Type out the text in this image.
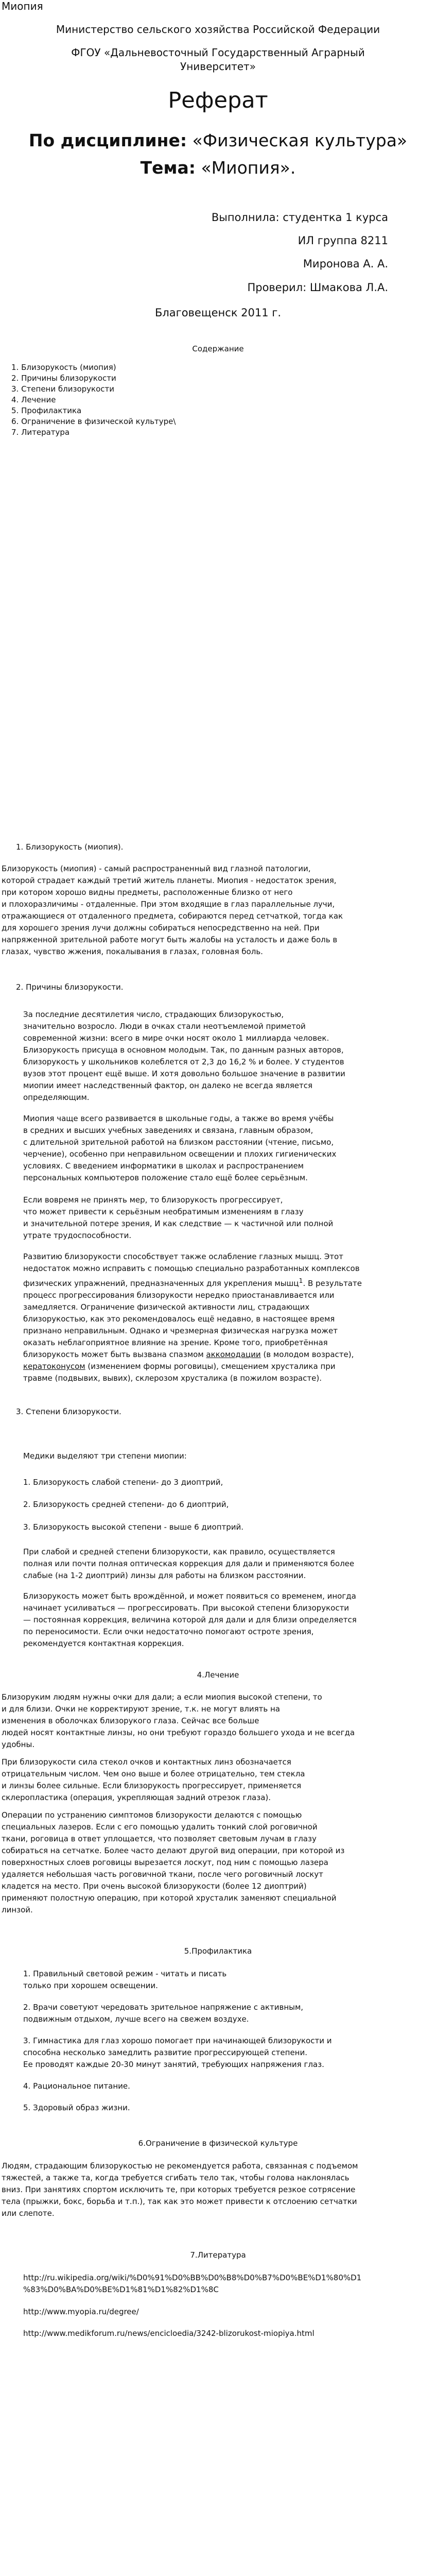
Миопия
Министерство сельского хозяйства Российской Федерации
ФГОУ «Дальневосточный Государственный Аграрный
Университет»
Реферат
По дисциплине: «Физическая культура»
Тема: «Миопия».
Выполнила: студентка 1 курса
ИЛ группа 8211
Миронова А. А.
Проверил: Шмакова Л.А.
Благовещенск 2011 г.
Содержание
1. Близорукость (миопия)
2. Причины близорукости
3. Степени близорукости
4. Лечение
5. Профилактика
6. Ограничение в физической культуре\
7. Литература
1. Близорукость (миопия).
Близорукость (миопия) - самый распространенный вид глазной патологии,
которой страдает каждый третий житель планеты. Миопия - недостаток зрения,
при котором хорошо видны предметы, расположенные близко от него
и плохоразличимы - отдаленные. При этом входящие в глаз параллельные лучи,
отражающиеся от отдаленного предмета, собираются перед сетчаткой, тогда как
для хорошего зрения лучи должны собираться непосредственно на ней. При
напряженной зрительной работе могут быть жалобы на усталость и даже боль в
глазах, чувство жжения, покалывания в глазах, головная боль.
2. Причины близорукости.
За последние десятилетия число, страдающих близорукостью,
значительно возросло. Люди в очках стали неотъемлемой приметой
современной жизни: всего в мире очки носят около 1 миллиарда человек.
Близорукость присуща в основном молодым. Так, по данным разных авторов,
близорукость у школьников колеблется от 2,3 до 16,2 % и более. У студентов
вузов этот процент ещё выше. И хотя довольно большое значение в развитии
миопии имеет наследственный фактор, он далеко не всегда является
определяющим.
Миопия чаще всего развивается в школьные годы, а также во время учёбы
в средних и высших учебных заведениях и связана, главным образом,
с длительной зрительной работой на близком расстоянии (чтение, письмо,
черчение), особенно при неправильном освещении и плохих гигиенических
условиях. С введением информатики в школах и распространением
персональных компьютеров положение стало ещё более серьёзным.
Если вовремя не принять мер, то близорукость прогрессирует,
что может привести к серьёзным необратимым изменениям в глазу
и значительной потере зрения, И как следствие — к частичной или полной
утрате трудоспособности.
Развитию близорукости способствует также ослабление глазных мышц. Этот
недостаток можно исправить с помощью специально разработанных комплексов
физических упражнений, предназначенных для укрепления мышц$^1$. В результате
процесс прогрессирования близорукости нередко приостанавливается или
замедляется. Ограничение физической активности лиц, страдающих
близорукостью, как это рекомендовалось ещё недавно, в настоящее время
признано неправильным. Однако и чрезмерная физическая нагрузка может
оказать неблагоприятное влияние на зрение. Кроме того, приобретённая
близорукость может быть вызвана спазмом аккомодации (в молодом возрасте),
кератоконусом (изменением формы роговицы), смещением хрусталика при
травме (подвывих, вывих), склерозом хрусталика (в пожилом возрасте).
3. Степени близорукости.
Медики выделяют три степени миопии:
1. Близорукость слабой степени- до 3 диоптрий,
2. Близорукость средней степени- до 6 диоптрий,
3. Близорукость высокой степени - выше 6 диоптрий.
При слабой и средней степени близорукости, как правило, осуществляется
полная или почти полная оптическая коррекция для дали и применяются более
слабые (на 1-2 диоптрий) линзы для работы на близком расстоянии.
Близорукость может быть врождённой, и может появиться со временем, иногда
начинает усиливаться — прогрессировать. При высокой степени близорукости
— постоянная коррекция, величина которой для дали и для близи определяется
по переносимости. Если очки недостаточно помогают остроте зрения,
рекомендуется контактная коррекция.
4.Лечение
Близоруким людям нужны очки для дали; а если миопия высокой степени, то
и для близи. Очки не корректируют зрение, т.к. не могут влиять на
изменения в оболочках близорукого глаза. Сейчас все больше
людей носят контактные линзы, но они требуют гораздо большего ухода и не всегда
удобны.
При близорукости сила стекол очков и контактных линз обозначается
отрицательным числом. Чем оно выше и более отрицательно, тем стекла
и линзы более сильные. Если близорукость прогрессирует, применяется
склеропластика (операция, укрепляющая задний отрезок глаза).
Операции по устранению симптомов близорукости делаются с помощью
специальных лазеров. Если с его помощью удалить тонкий слой роговичной
ткани, роговица в ответ уплощается, что позволяет световым лучам в глазу
собираться на сетчатке. Более часто делают другой вид операции, при которой из
поверхностных слоев роговицы вырезается лоскут, под ним с помощью лазера
удаляется небольшая часть роговичной ткани, после чего роговичный лоскут
кладется на место. При очень высокой близорукости (более 12 диоптрий)
применяют полостную операцию, при которой хрусталик заменяют специальной
линзой.
5.Профилактика
1. Правильный световой режим - читать и писать
только при хорошем освещении.
2. Врачи советуют чередовать зрительное напряжение с активным,
подвижным отдыхом, лучше всего на свежем воздухе.
3. Гимнастика для глаз хорошо помогает при начинающей близорукости и
способна несколько замедлить развитие прогрессирующей степени.
Ее проводят каждые 20-30 минут занятий, требующих напряжения глаз.
4. Рациональное питание.
5. Здоровый образ жизни.
6.Ограничение в физической культуре
Людям, страдающим близорукостью не рекомендуется работа, связанная с подъемом
тяжестей, а также та, когда требуется сгибать тело так, чтобы голова наклонялась
вниз. При занятиях спортом исключить те, при которых требуется резкое сотрясение
тела (прыжки, бокс, борьба и т.п.), так как это может привести к отслоению сетчатки
или слепоте.
7.Литература
http://ru.wikipedia.org/wiki/%D0%91%D0%BB%D0%B8%D0%B7%D0%BE%D1%80%D1
%83%D0%BA%D0%BE%D1%81%D1%82%D1%8C
http://www.myopia.ru/degree/
http://www.medikforum.ru/news/encicloedia/3242-blizorukost-miopiya.html
